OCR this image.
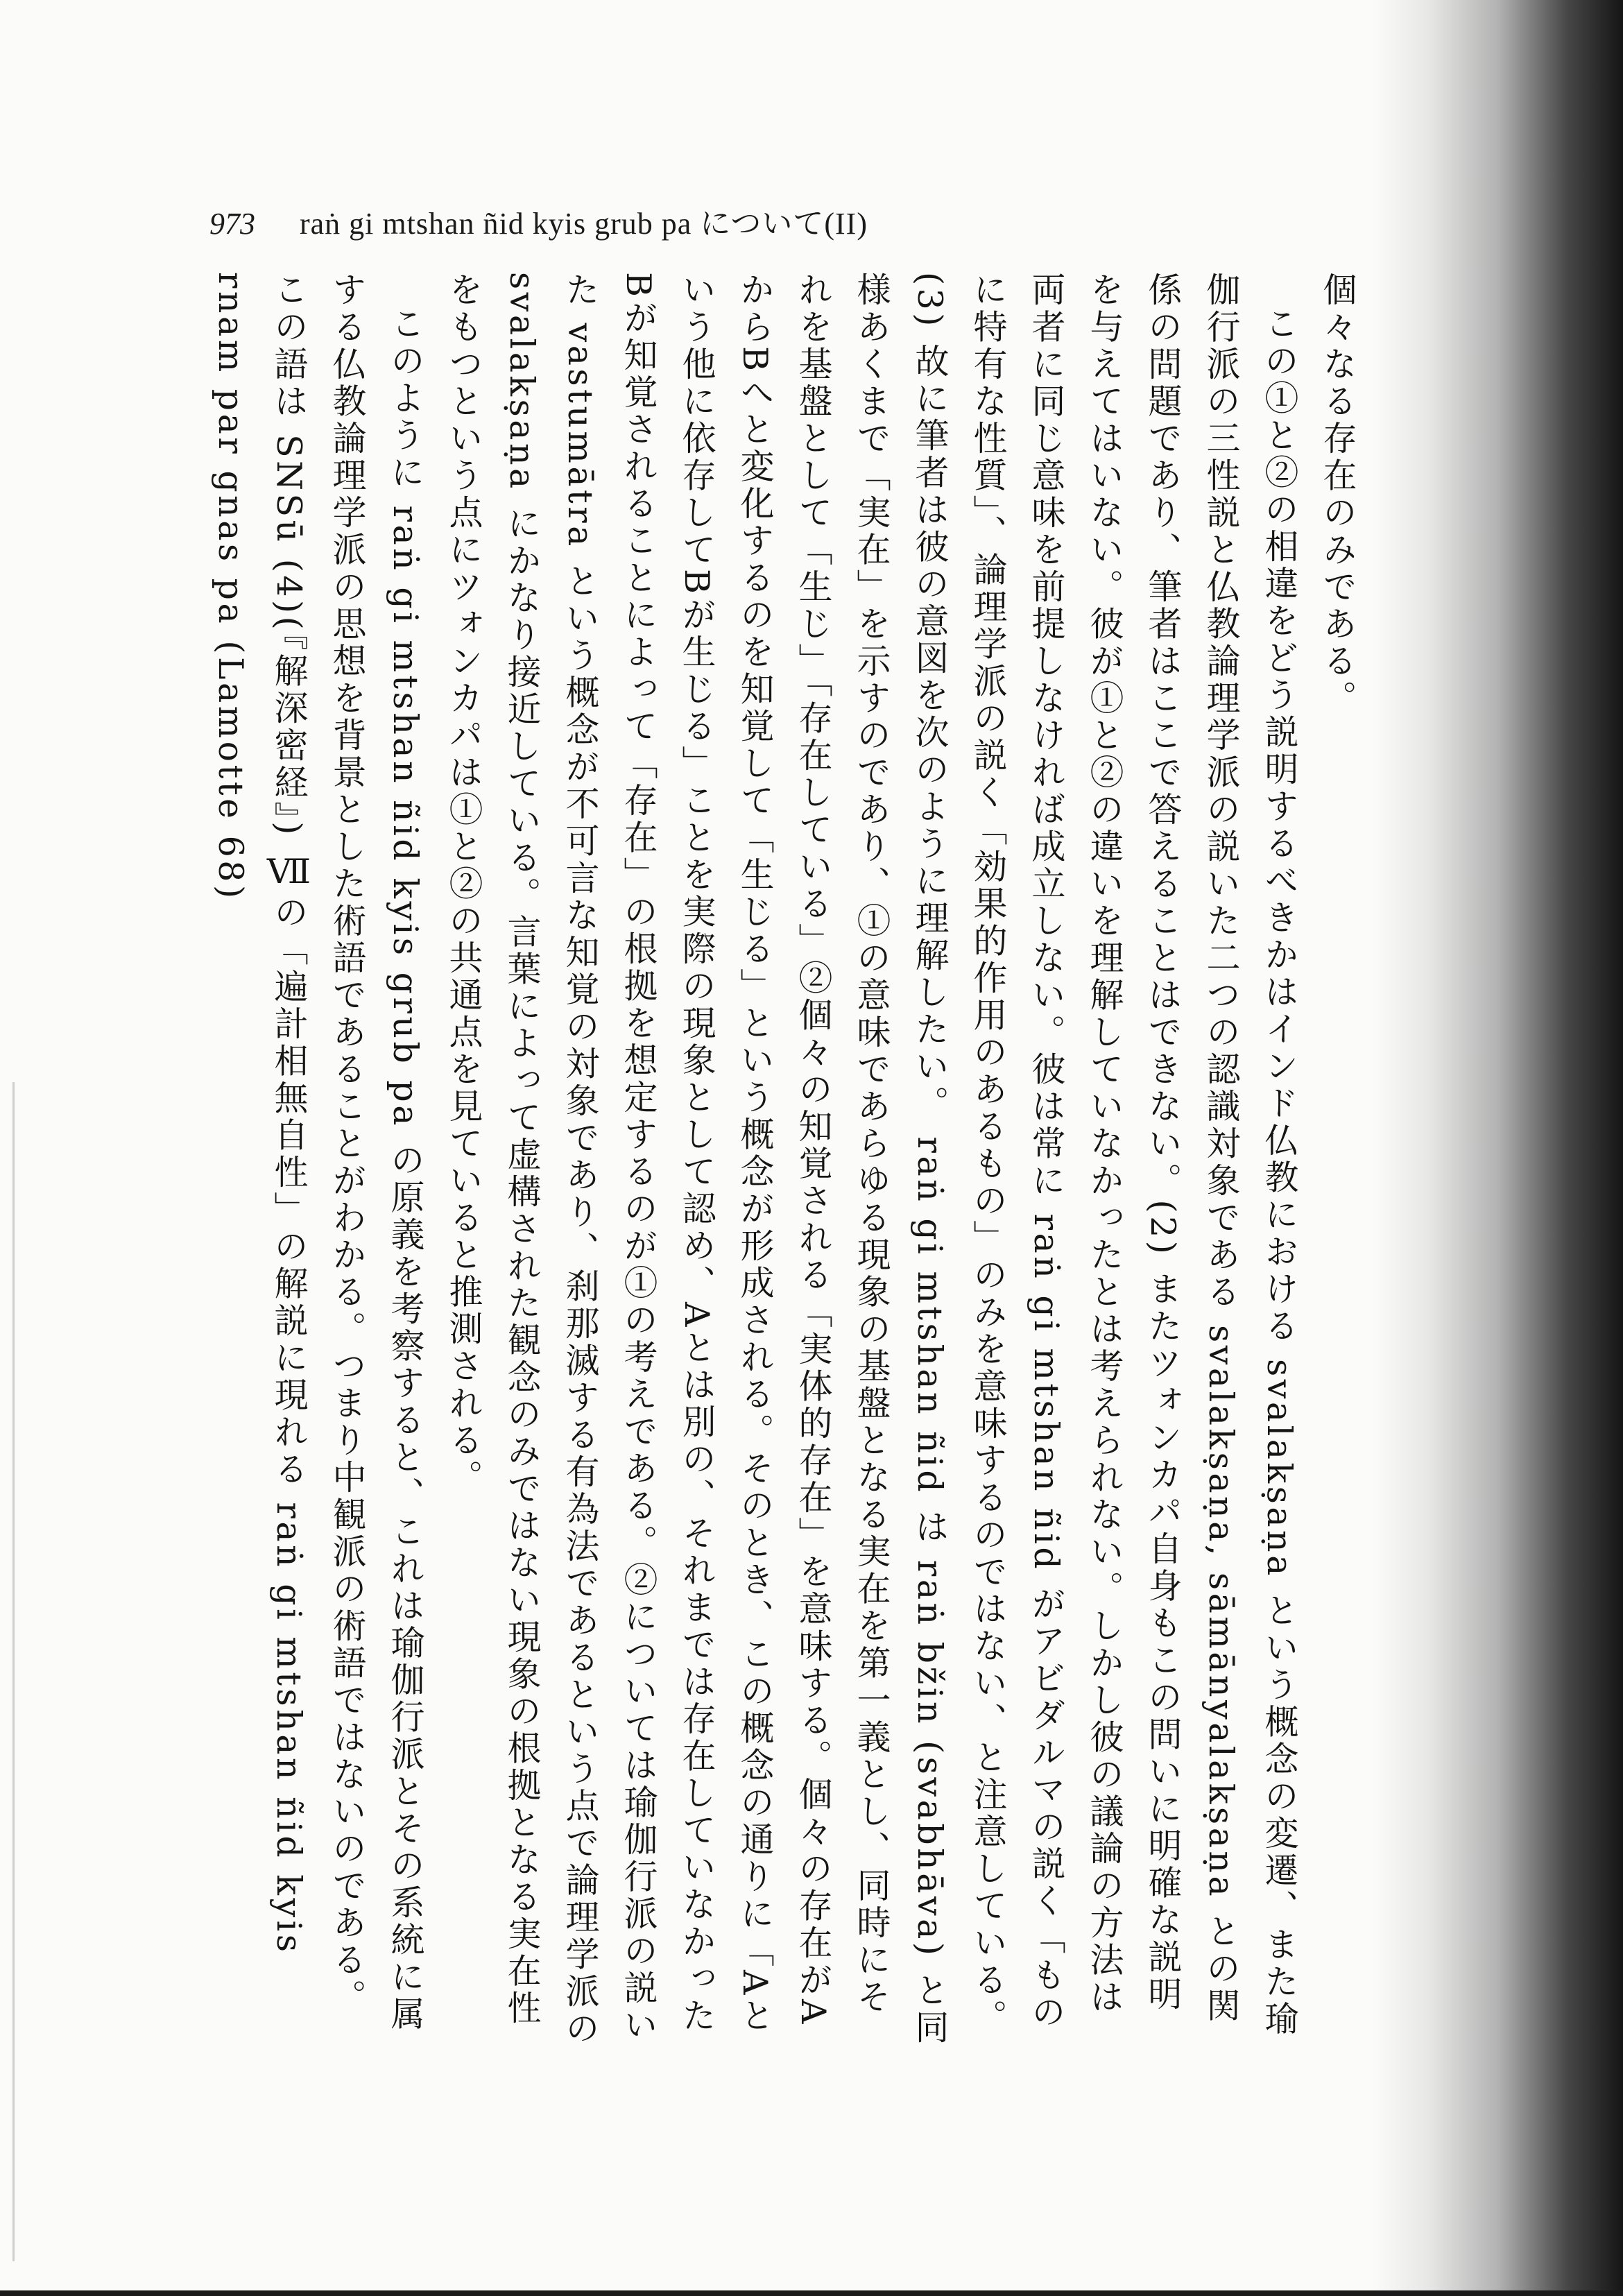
973 raṅ gi mtshan ñid kyis grub pa について(II)

個々なる存在のみである。

この①と②の相違をどう説明するべきかはインド仏教における svalakṣaṇa という概念の変遷、また瑜伽行派の三性説と仏教論理学派の説いた二つの認識対象である svalakṣaṇa, sāmānyalakṣaṇa との関係の問題であり、筆者はここで答えることはできない。(2) またツォンカパ自身もこの問いに明確な説明を与えてはいない。彼が①と②の違いを理解していなかったとは考えられない。しかし彼の議論の方法は両者に同じ意味を前提しなければ成立しない。彼は常に raṅ gi mtshan ñid がアビダルマの説く「ものに特有な性質」、論理学派の説く「効果的作用のあるもの」のみを意味するのではない、と注意している。(3) 故に筆者は彼の意図を次のように理解したい。 raṅ gi mtshan ñid は raṅ bžin (svabhāva) と同様あくまで「実在」を示すのであり、①の意味であらゆる現象の基盤となる実在を第一義とし、同時にそれを基盤として「生じ」「存在している」②個々の知覚される「実体的存在」を意味する。個々の存在がAからBへと変化するのを知覚して「生じる」という概念が形成される。そのとき、この概念の通りに「Aという他に依存してBが生じる」ことを実際の現象として認め、Aとは別の、それまでは存在していなかったBが知覚されることによって「存在」の根拠を想定するのが①の考えである。②については瑜伽行派の説いた vastumātra という概念が不可言な知覚の対象であり、刹那滅する有為法であるという点で論理学派の svalakṣaṇa にかなり接近している。言葉によって虚構された観念のみではない現象の根拠となる実在性をもつという点にツォンカパは①と②の共通点を見ていると推測される。

このように raṅ gi mtshan ñid kyis grub pa の原義を考察すると、これは瑜伽行派とその系統に属する仏教論理学派の思想を背景とした術語であることがわかる。つまり中観派の術語ではないのである。この語は SNSū (4)(『解深密経』) Ⅶの「遍計相無自性」の解説に現れる raṅ gi mtshan ñid kyis rnam par gnas pa (Lamotte 68)
